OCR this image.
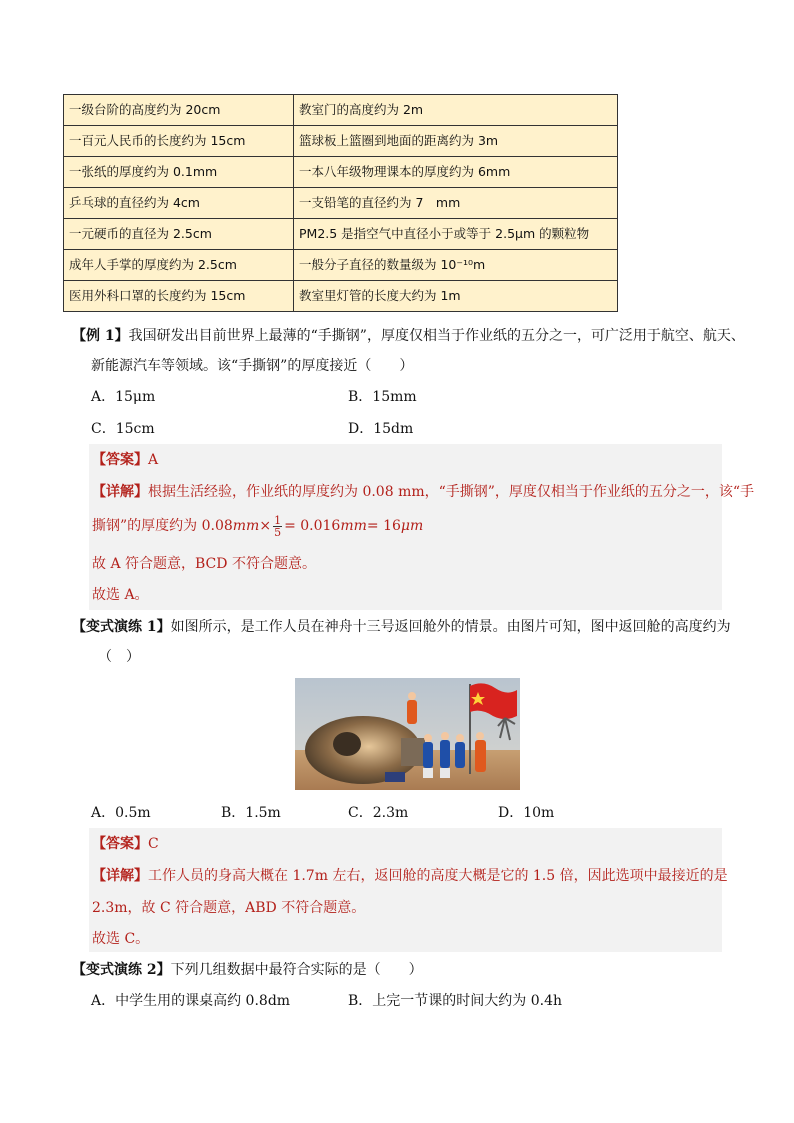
一级台阶的高度约为 20cm	教室门的高度约为 2m
一百元人民币的长度约为 15cm	篮球板上篮圈到地面的距离约为 3m
一张纸的厚度约为 0.1mm	一本八年级物理课本的厚度约为 6mm
乒乓球的直径约为 4cm	一支铅笔的直径约为 7　mm
一元硬币的直径为 2.5cm	PM2.5 是指空气中直径小于或等于 2.5μm 的颗粒物
成年人手掌的厚度约为 2.5cm	一般分子直径的数量级为 10⁻¹⁰m
医用外科口罩的长度约为 15cm	教室里灯管的长度大约为 1m
【例 1】我国研发出目前世界上最薄的“手撕钢”，厚度仅相当于作业纸的五分之一，可广泛用于航空、航天、
新能源汽车等领域。该“手撕钢”的厚度接近（　　）
A．15μm	B．15mm
C．15cm	D．15dm
【答案】A
【详解】根据生活经验，作业纸的厚度约为 0.08 mm，“手撕钢”，厚度仅相当于作业纸的五分之一，该“手
撕钢”的厚度约为 $0.08mm\times \frac{1}{5} = 0.016mm= 16\mu m$
故 A 符合题意，BCD 不符合题意。
故选 A。
【变式演练 1】如图所示，是工作人员在神舟十三号返回舱外的情景。由图片可知，图中返回舱的高度约为
（　）
A．0.5m	B．1.5m	C．2.3m	D．10m
【答案】C
【详解】工作人员的身高大概在 1.7m 左右，返回舱的高度大概是它的 1.5 倍，因此选项中最接近的是
2.3m，故 C 符合题意，ABD 不符合题意。
故选 C。
【变式演练 2】下列几组数据中最符合实际的是（　　）
A．中学生用的课桌高约 0.8dm	B．上完一节课的时间大约为 0.4h
